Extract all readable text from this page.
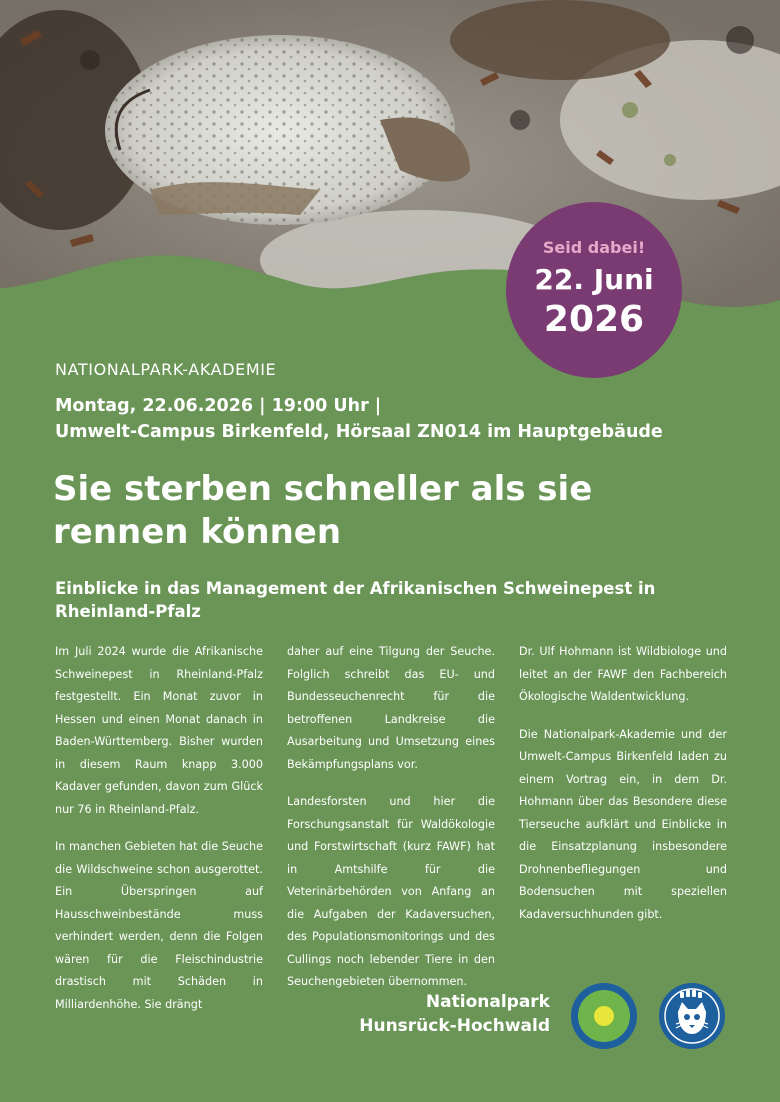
Seid dabei!
22. Juni
2026
NATIONALPARK-AKADEMIE
Montag, 22.06.2026 | 19:00 Uhr |
Umwelt-Campus Birkenfeld, Hörsaal ZN014 im Hauptgebäude
Sie sterben schneller als sie rennen können
Einblicke in das Management der Afrikanischen Schweinepest in Rheinland-Pfalz

Im Juli 2024 wurde die Afrikanische Schweinepest in Rheinland-Pfalz festgestellt. Ein Monat zuvor in Hessen und einen Monat danach in Baden-Württemberg. Bisher wurden in diesem Raum knapp 3.000 Kadaver gefunden, davon zum Glück nur 76 in Rheinland-Pfalz.

In manchen Gebieten hat die Seuche die Wildschweine schon ausgerottet. Ein Überspringen auf Hausschweinbestände muss verhindert werden, denn die Folgen wären für die Fleischindustrie drastisch mit Schäden in Milliardenhöhe. Sie drängt

daher auf eine Tilgung der Seuche. Folglich schreibt das EU- und Bundesseuchenrecht für die betroffenen Landkreise die Ausarbeitung und Umsetzung eines Bekämpfungsplans vor.

Landesforsten und hier die Forschungsanstalt für Waldökologie und Forstwirtschaft (kurz FAWF) hat in Amtshilfe für die Veterinärbehörden von Anfang an die Aufgaben der Kadaversuchen, des Populationsmonitorings und des Cullings noch lebender Tiere in den Seuchengebieten übernommen.

Dr. Ulf Hohmann ist Wildbiologe und leitet an der FAWF den Fachbereich Ökologische Waldentwicklung.

Die Nationalpark-Akademie und der Umwelt-Campus Birkenfeld laden zu einem Vortrag ein, in dem Dr. Hohmann über das Besondere diese Tierseuche aufklärt und Einblicke in die Einsatzplanung insbesondere Drohnenbefliegungen und Bodensuchen mit speziellen Kadaversuchhunden gibt.

Nationalpark
Hunsrück-Hochwald
